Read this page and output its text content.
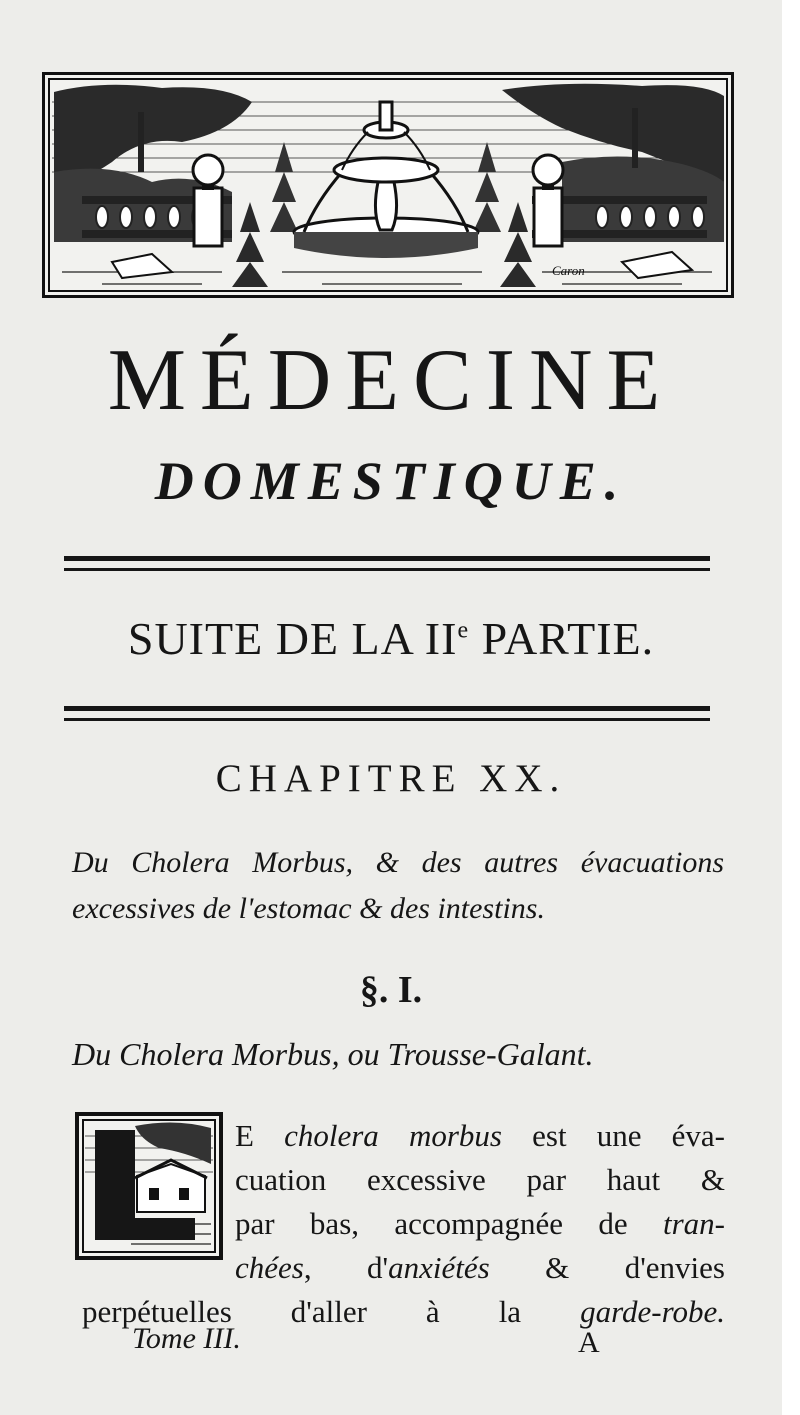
Caron
MÉDECINE
DOMESTIQUE.
SUITE DE LA IIe PARTIE.
CHAPITRE XX.
Du Cholera Morbus, & des autres évacuations excessives de l'estomac & des intestins.
§. I.
Du Cholera Morbus, ou Trousse-Galant.
L E cholera morbus est une éva-
cuation excessive par haut &
par bas, accompagnée de tran-
chées, d'anxiétés & d'envies
perpétuelles d'aller à la garde-robe.
Tome III.	A
